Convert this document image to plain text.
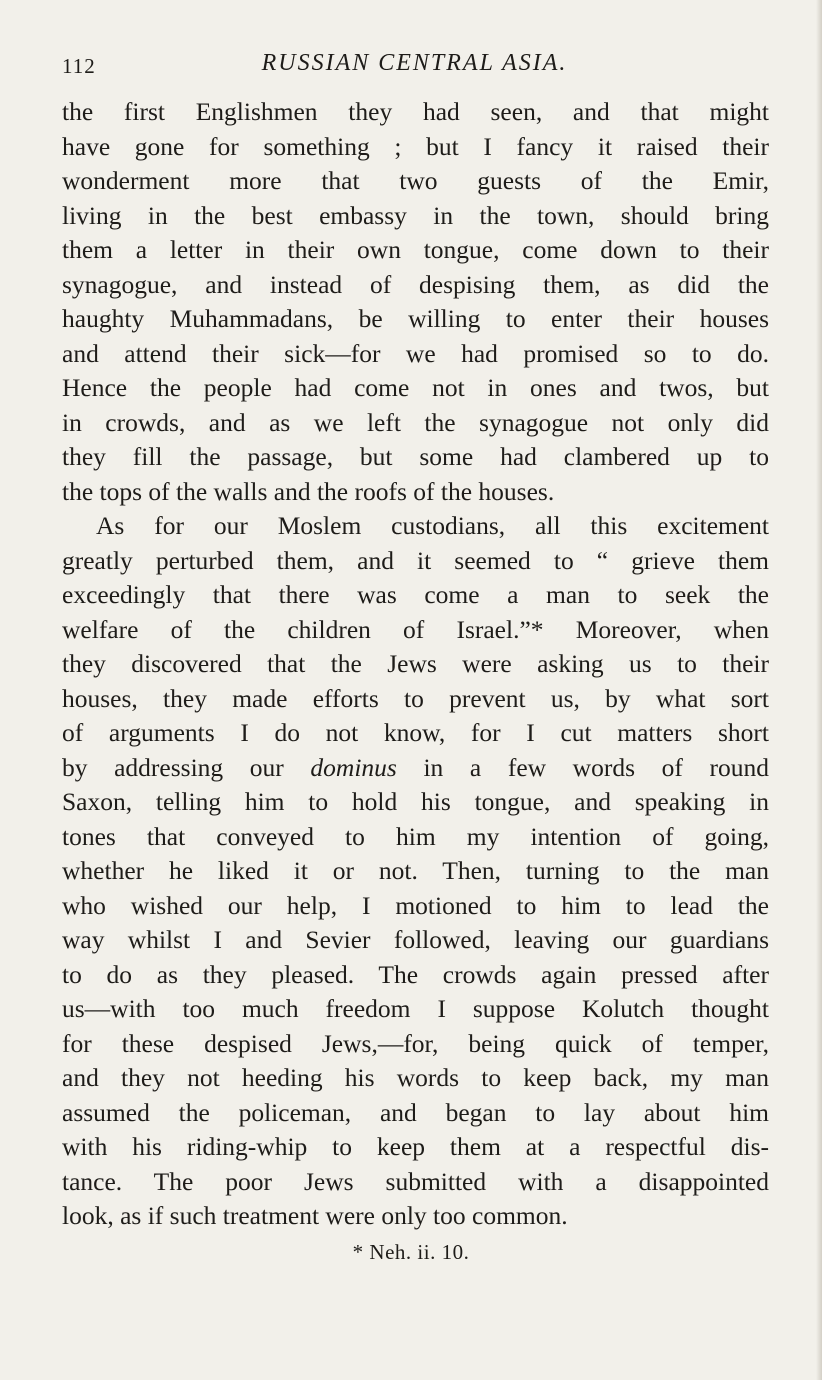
112	RUSSIAN CENTRAL ASIA.
the first Englishmen they had seen, and that might
have gone for something ; but I fancy it raised their
wonderment more that two guests of the Emir,
living in the best embassy in the town, should bring
them a letter in their own tongue, come down to their
synagogue, and instead of despising them, as did the
haughty Muhammadans, be willing to enter their houses
and attend their sick—for we had promised so to do.
Hence the people had come not in ones and twos, but
in crowds, and as we left the synagogue not only did
they fill the passage, but some had clambered up to
the tops of the walls and the roofs of the houses.
As for our Moslem custodians, all this excitement
greatly perturbed them, and it seemed to “ grieve them
exceedingly that there was come a man to seek the
welfare of the children of Israel.”* Moreover, when
they discovered that the Jews were asking us to their
houses, they made efforts to prevent us, by what sort
of arguments I do not know, for I cut matters short
by addressing our dominus in a few words of round
Saxon, telling him to hold his tongue, and speaking in
tones that conveyed to him my intention of going,
whether he liked it or not. Then, turning to the man
who wished our help, I motioned to him to lead the
way whilst I and Sevier followed, leaving our guardians
to do as they pleased. The crowds again pressed after
us—with too much freedom I suppose Kolutch thought
for these despised Jews,—for, being quick of temper,
and they not heeding his words to keep back, my man
assumed the policeman, and began to lay about him
with his riding-whip to keep them at a respectful dis-
tance. The poor Jews submitted with a disappointed
look, as if such treatment were only too common.
* Neh. ii. 10.
